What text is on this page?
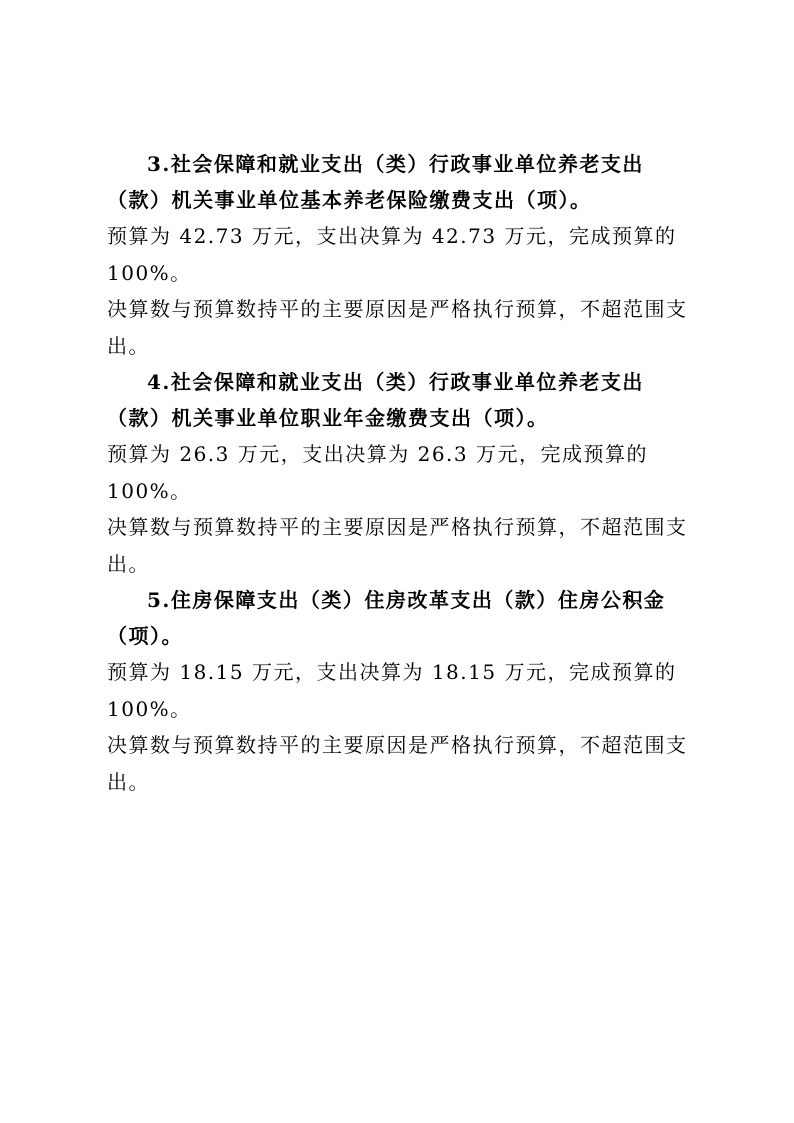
3.社会保障和就业支出（类）行政事业单位养老支出（款）机关事业单位基本养老保险缴费支出（项）。

预算为 42.73 万元，支出决算为 42.73 万元，完成预算的 100%。

决算数与预算数持平的主要原因是严格执行预算，不超范围支出。

4.社会保障和就业支出（类）行政事业单位养老支出（款）机关事业单位职业年金缴费支出（项）。

预算为 26.3 万元，支出决算为 26.3 万元，完成预算的 100%。

决算数与预算数持平的主要原因是严格执行预算，不超范围支出。

5.住房保障支出（类）住房改革支出（款）住房公积金（项）。

预算为 18.15 万元，支出决算为 18.15 万元，完成预算的 100%。

决算数与预算数持平的主要原因是严格执行预算，不超范围支出。
